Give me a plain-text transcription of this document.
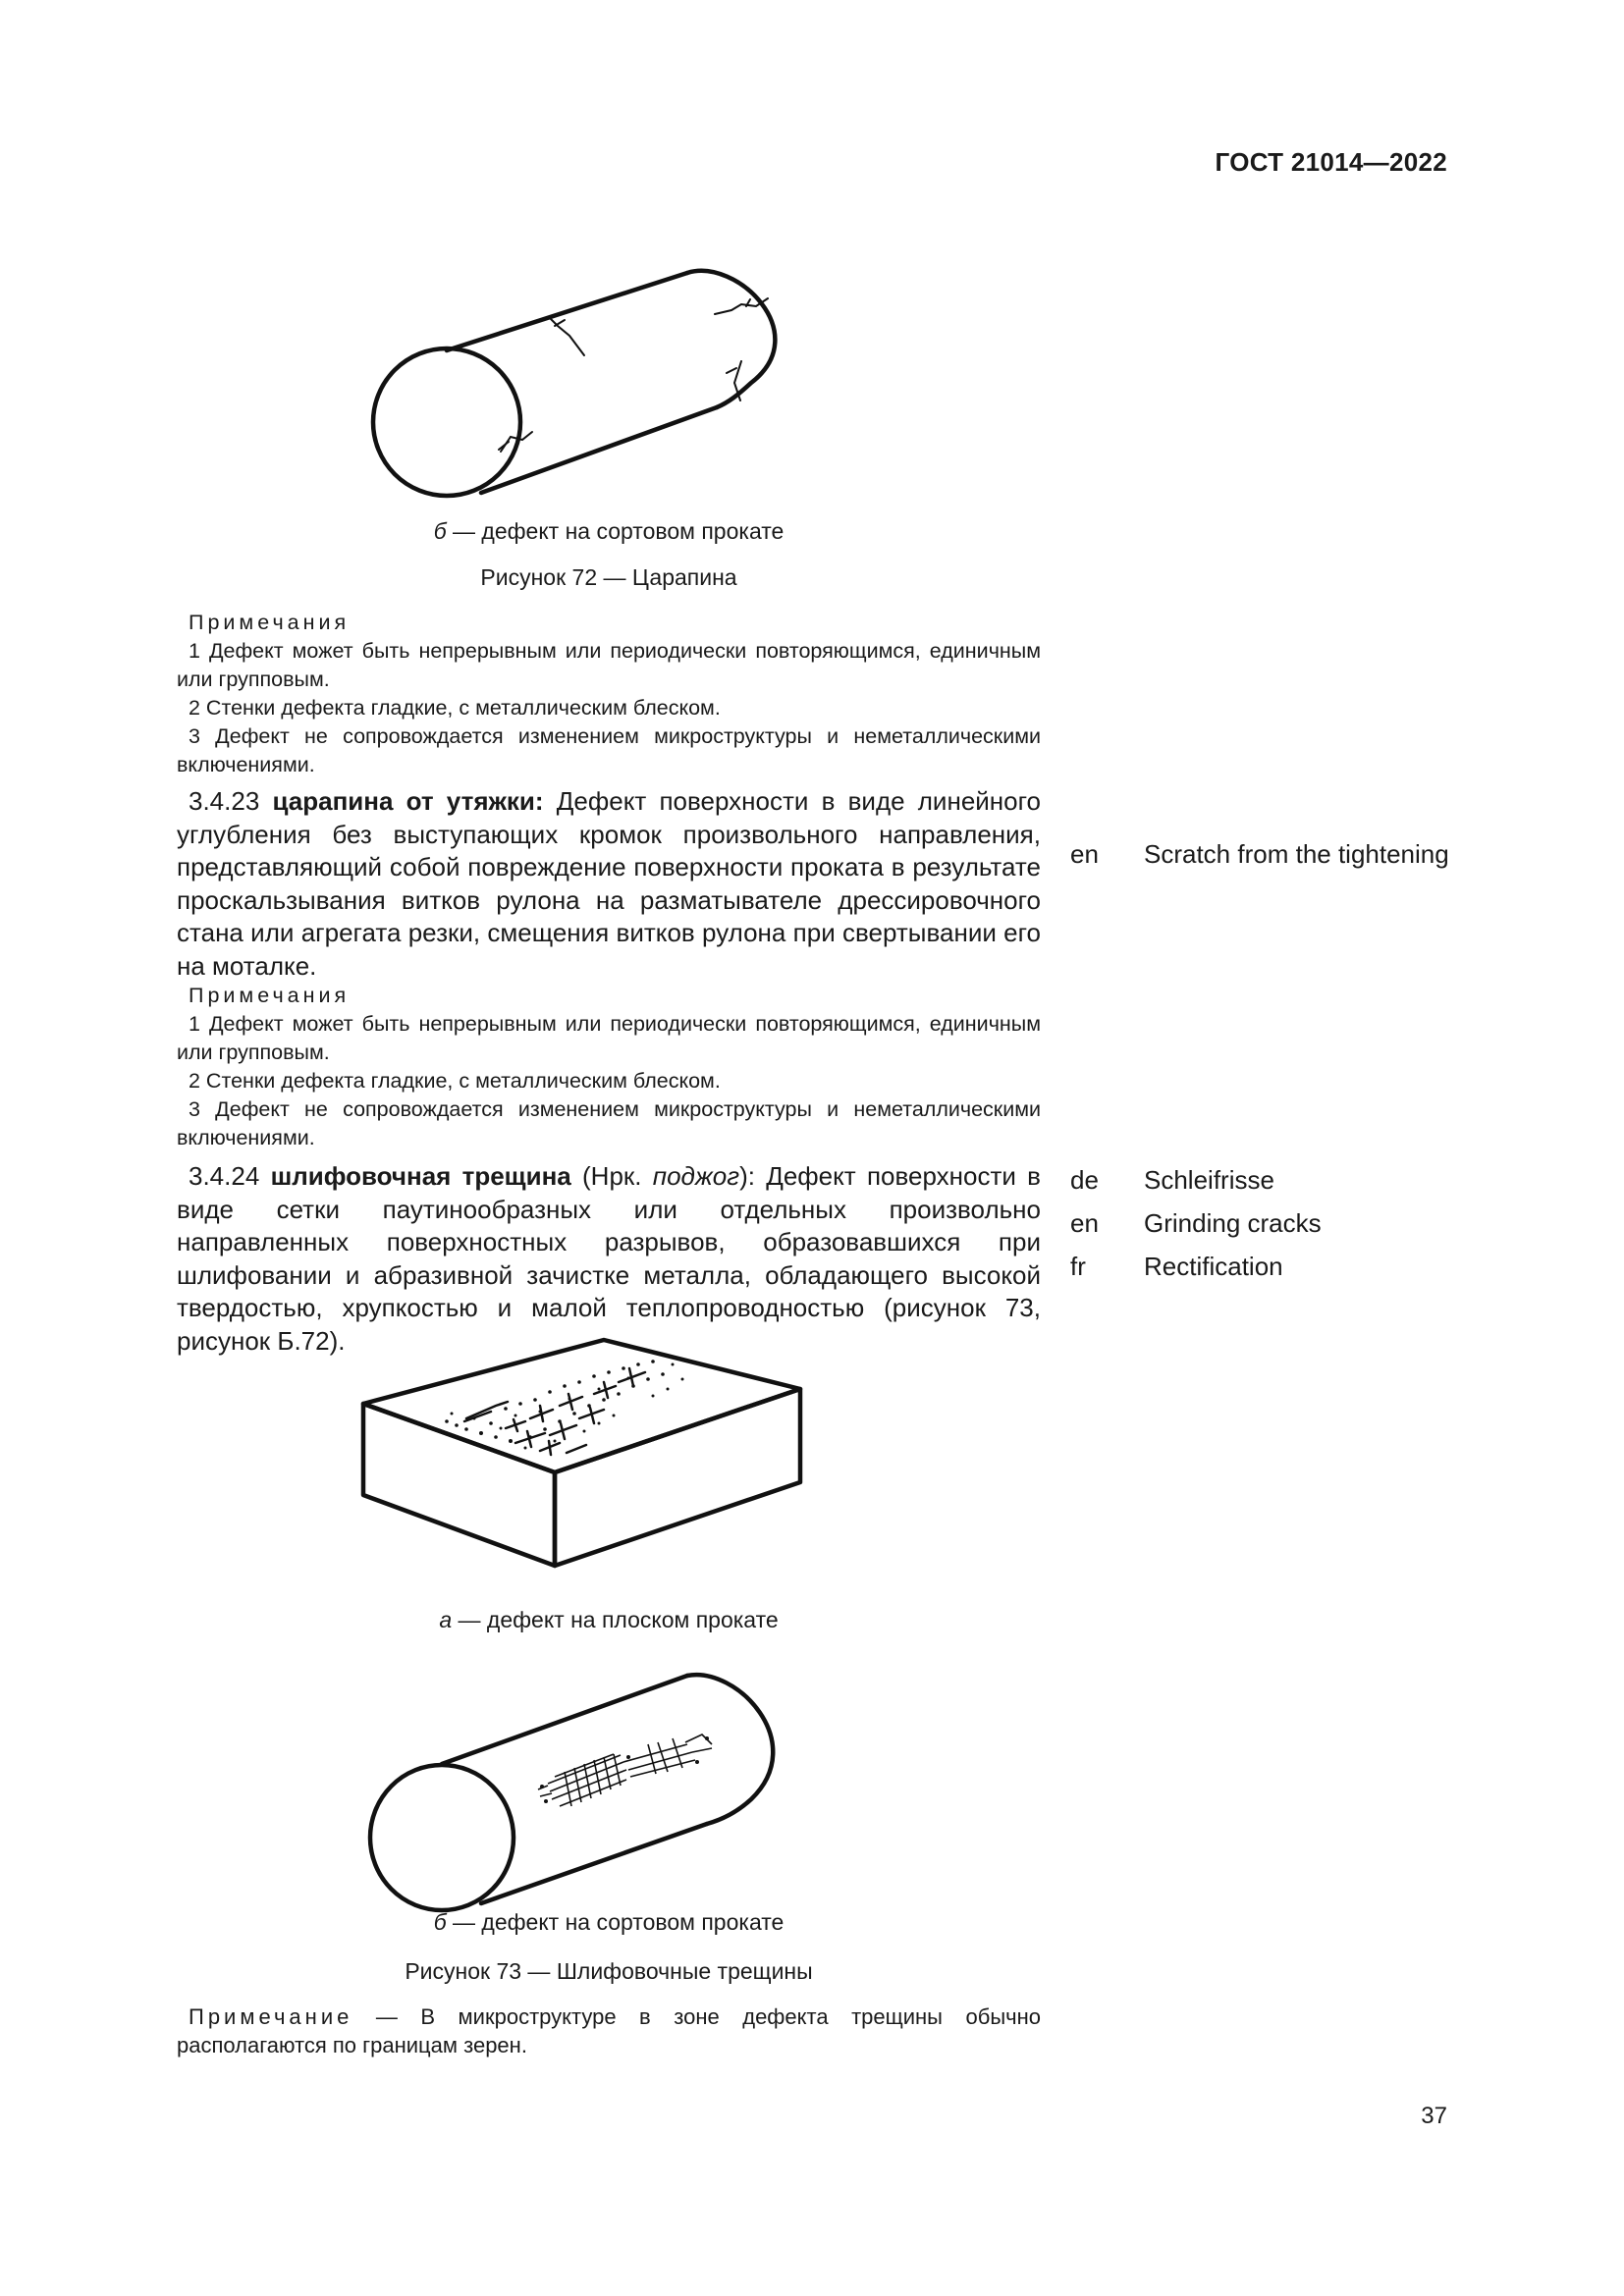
ГОСТ 21014—2022
б — дефект на сортовом прокате
Рисунок 72 — Царапина
Примечания
1 Дефект может быть непрерывным или периодически повторяющимся, единичным или групповым.
2 Стенки дефекта гладкие, с металлическим блеском.
3 Дефект не сопровождается изменением микроструктуры и неметаллическими включениями.

3.4.23 царапина от утяжки: Дефект поверхности в виде линейного углубления без выступающих кромок произвольного направления, представляющий собой повреждение поверхности проката в результате проскальзывания витков рулона на разматывателе дрессировочного стана или агрегата резки, смещения витков рулона при свертывании его на моталке.

en	Scratch from the tightening
Примечания
1 Дефект может быть непрерывным или периодически повторяющимся, единичным или групповым.
2 Стенки дефекта гладкие, с металлическим блеском.
3 Дефект не сопровождается изменением микроструктуры и неметаллическими включениями.

3.4.24 шлифовочная трещина (Нрк. поджог): Дефект поверхности в виде сетки паутинообразных или отдельных произвольно направленных поверхностных разрывов, образовавшихся при шлифовании и абразивной зачистке металла, обладающего высокой твердостью, хрупкостью и малой теплопроводностью (рисунок 73, рисунок Б.72).

de	Schleifrisse
en	Grinding cracks
fr	Rectification
а — дефект на плоском прокате
б — дефект на сортовом прокате
Рисунок 73 — Шлифовочные трещины

Примечание — В микроструктуре в зоне дефекта трещины обычно располагаются по границам зерен.

37
